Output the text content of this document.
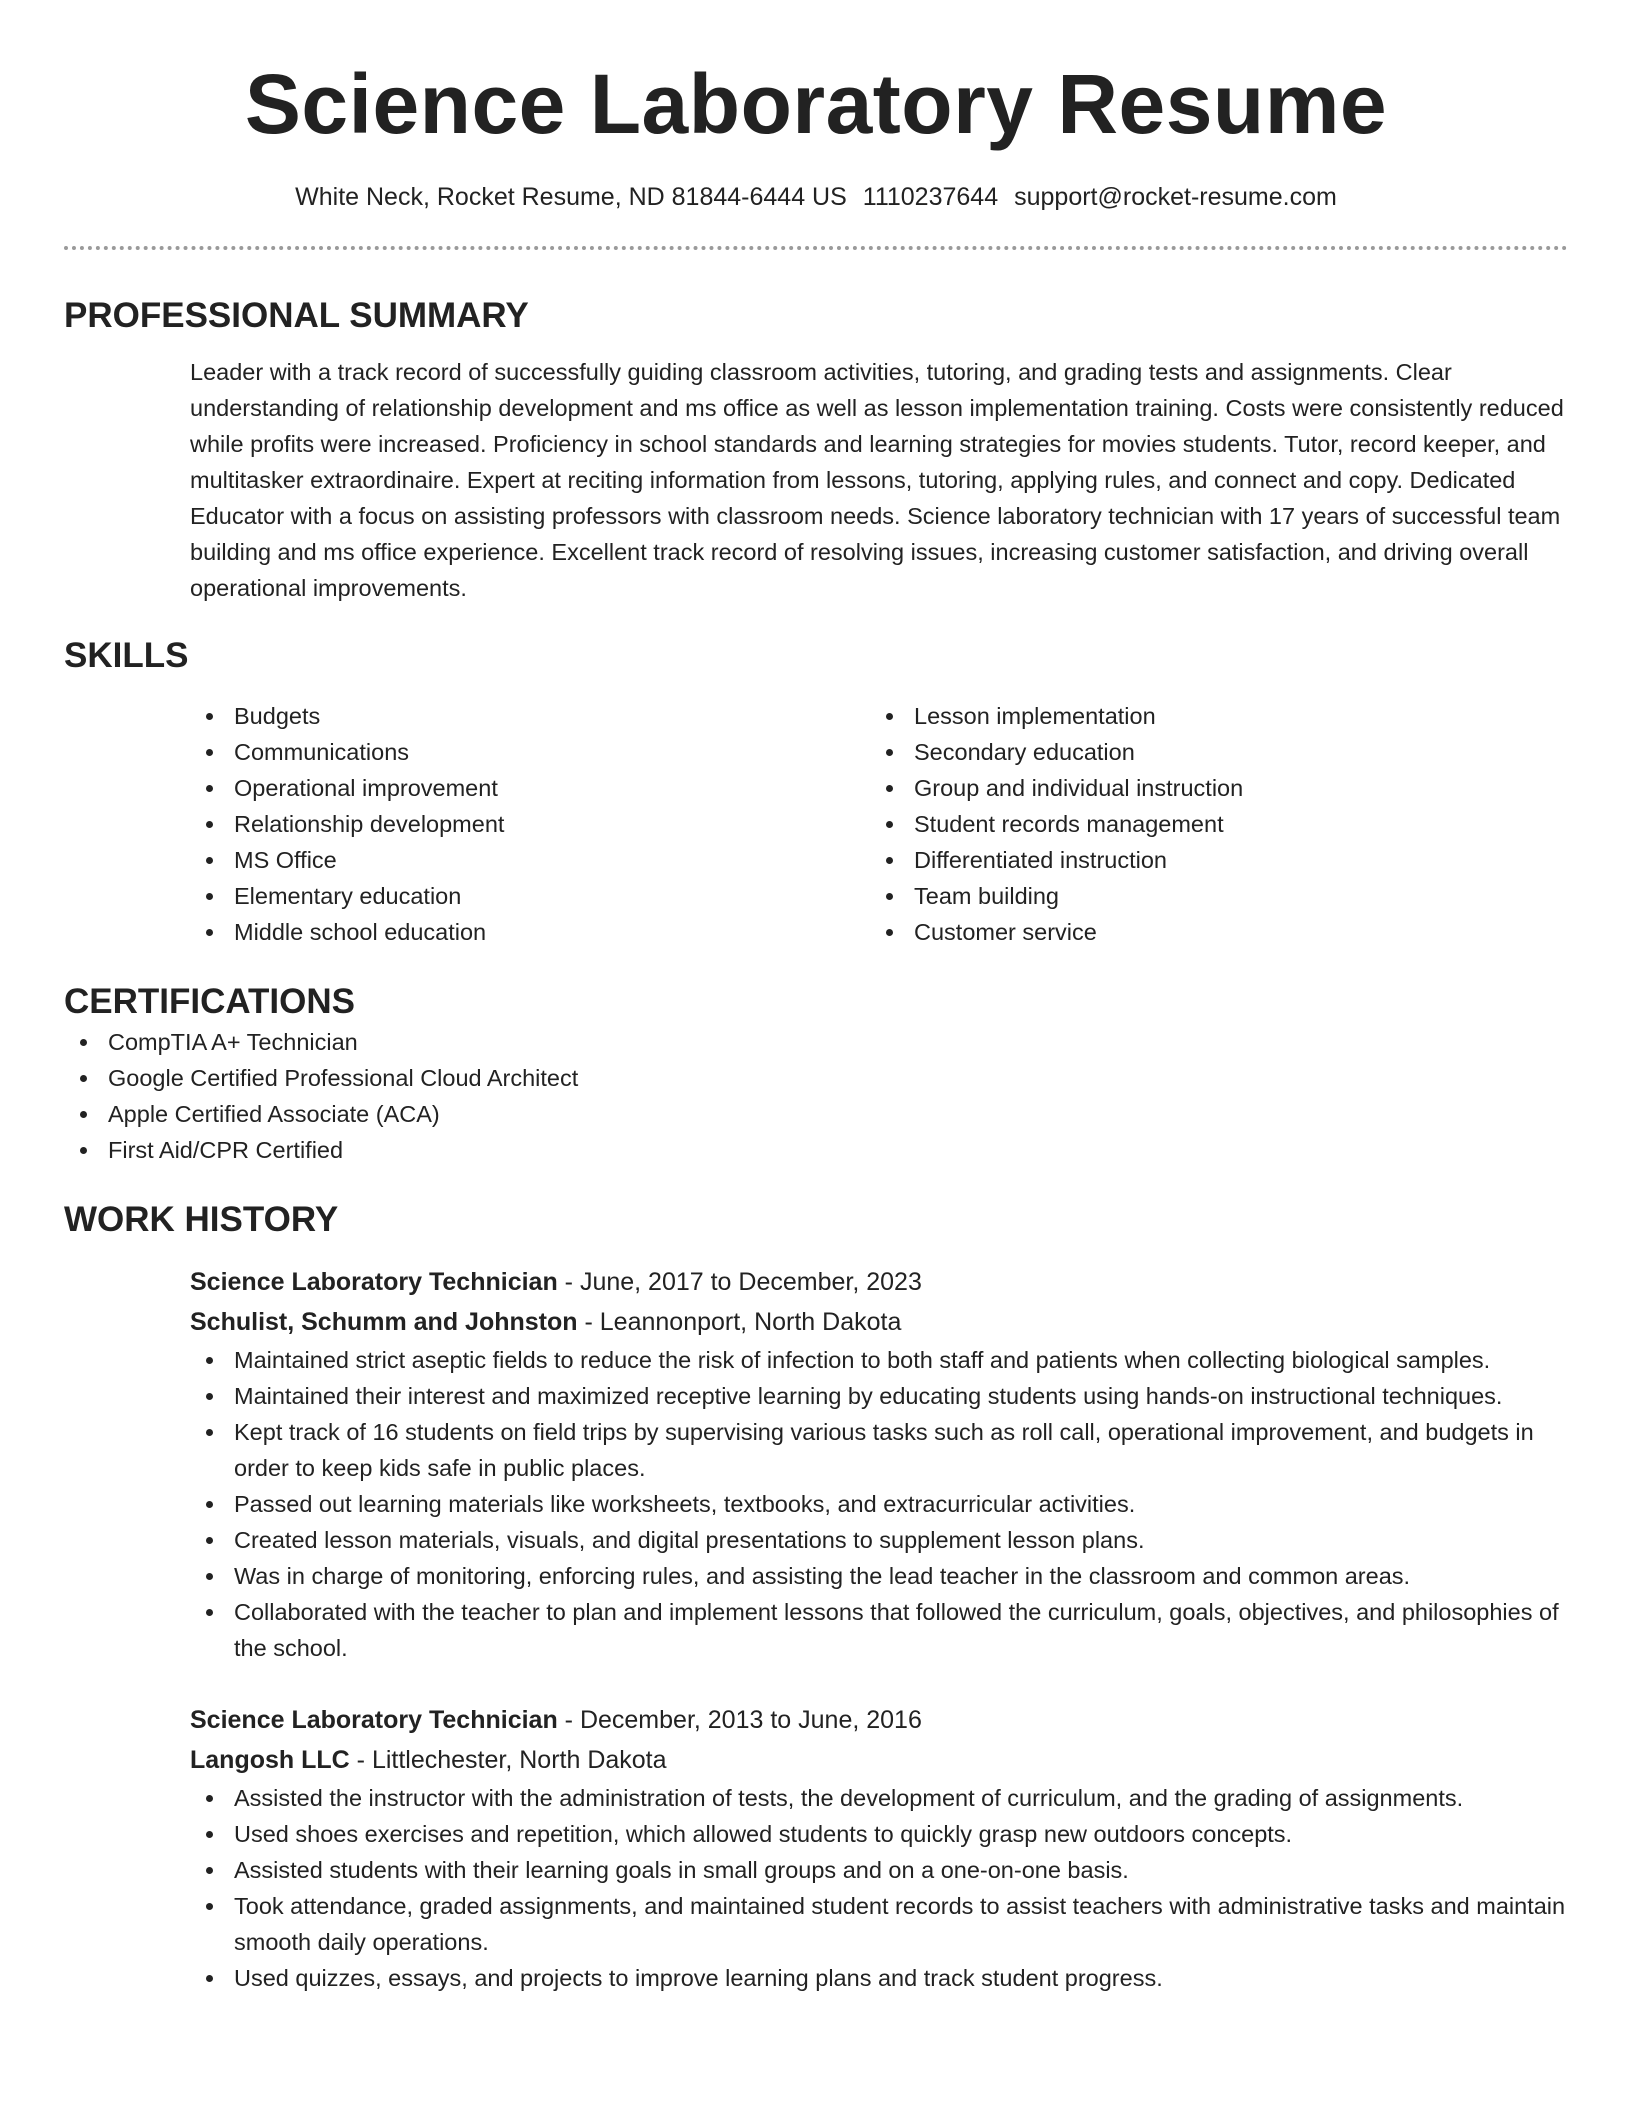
Science Laboratory Resume
White Neck, Rocket Resume, ND 81844-6444 US 1110237644 support@rocket-resume.com
PROFESSIONAL SUMMARY

Leader with a track record of successfully guiding classroom activities, tutoring, and grading tests and assignments. Clear understanding of relationship development and ms office as well as lesson implementation training. Costs were consistently reduced while profits were increased. Proficiency in school standards and learning strategies for movies students. Tutor, record keeper, and multitasker extraordinaire. Expert at reciting information from lessons, tutoring, applying rules, and connect and copy. Dedicated Educator with a focus on assisting professors with classroom needs. Science laboratory technician with 17 years of successful team building and ms office experience. Excellent track record of resolving issues, increasing customer satisfaction, and driving overall operational improvements.

SKILLS
Budgets
Communications
Operational improvement
Relationship development
MS Office
Elementary education
Middle school education
Lesson implementation
Secondary education
Group and individual instruction
Student records management
Differentiated instruction
Team building
Customer service
CERTIFICATIONS
CompTIA A+ Technician
Google Certified Professional Cloud Architect
Apple Certified Associate (ACA)
First Aid/CPR Certified
WORK HISTORY
Science Laboratory Technician - June, 2017 to December, 2023
Schulist, Schumm and Johnston - Leannonport, North Dakota
Maintained strict aseptic fields to reduce the risk of infection to both staff and patients when collecting biological samples.
Maintained their interest and maximized receptive learning by educating students using hands-on instructional techniques.
Kept track of 16 students on field trips by supervising various tasks such as roll call, operational improvement, and budgets in order to keep kids safe in public places.
Passed out learning materials like worksheets, textbooks, and extracurricular activities.
Created lesson materials, visuals, and digital presentations to supplement lesson plans.
Was in charge of monitoring, enforcing rules, and assisting the lead teacher in the classroom and common areas.
Collaborated with the teacher to plan and implement lessons that followed the curriculum, goals, objectives, and philosophies of the school.
Science Laboratory Technician - December, 2013 to June, 2016
Langosh LLC - Littlechester, North Dakota
Assisted the instructor with the administration of tests, the development of curriculum, and the grading of assignments.
Used shoes exercises and repetition, which allowed students to quickly grasp new outdoors concepts.
Assisted students with their learning goals in small groups and on a one-on-one basis.
Took attendance, graded assignments, and maintained student records to assist teachers with administrative tasks and maintain smooth daily operations.
Used quizzes, essays, and projects to improve learning plans and track student progress.
